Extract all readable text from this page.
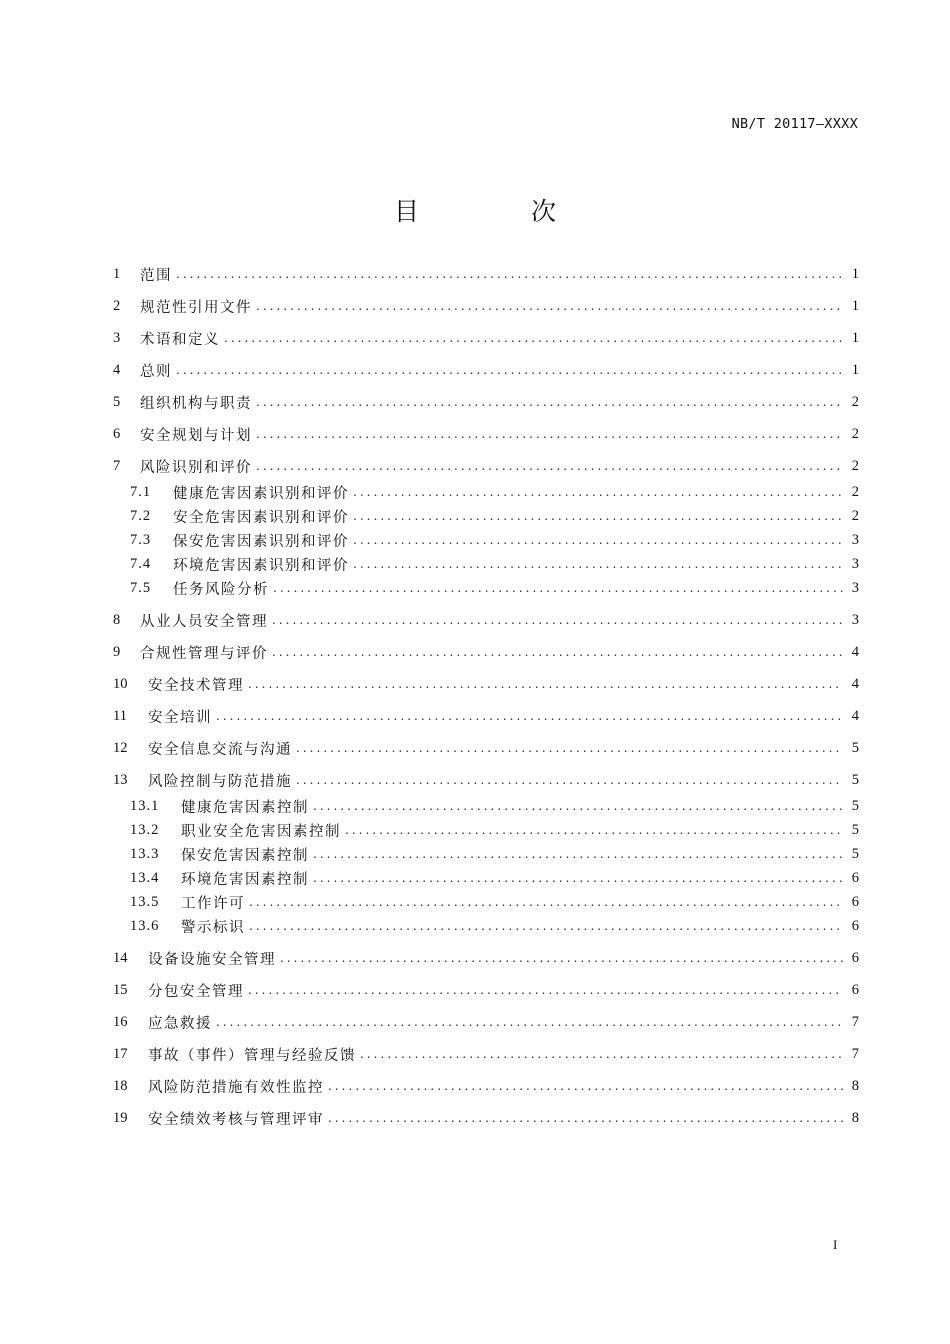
NB/T 20117—XXXX
目 次
1	范围 . . .	1
2	规范性引用文件 . . .	1
3	术语和定义 . . .	1
4	总则 . . .	1
5	组织机构与职责 . . .	2
6	安全规划与计划 . . .	2
7	风险识别和评价 . . .	2
7.1	健康危害因素识别和评价 . . .	2
7.2	安全危害因素识别和评价 . . .	2
7.3	保安危害因素识别和评价 . . .	3
7.4	环境危害因素识别和评价 . . .	3
7.5	任务风险分析 . . .	3
8	从业人员安全管理 . . .	3
9	合规性管理与评价 . . .	4
10	安全技术管理 . . .	4
11	安全培训 . . .	4
12	安全信息交流与沟通 . . .	5
13	风险控制与防范措施 . . .	5
13.1	健康危害因素控制 . . .	5
13.2	职业安全危害因素控制 . . .	5
13.3	保安危害因素控制 . . .	5
13.4	环境危害因素控制 . . .	6
13.5	工作许可 . . .	6
13.6	警示标识 . . .	6
14	设备设施安全管理 . . .	6
15	分包安全管理 . . .	6
16	应急救援 . . .	7
17	事故（事件）管理与经验反馈 . . .	7
18	风险防范措施有效性监控 . . .	8
19	安全绩效考核与管理评审 . . .	8
I
